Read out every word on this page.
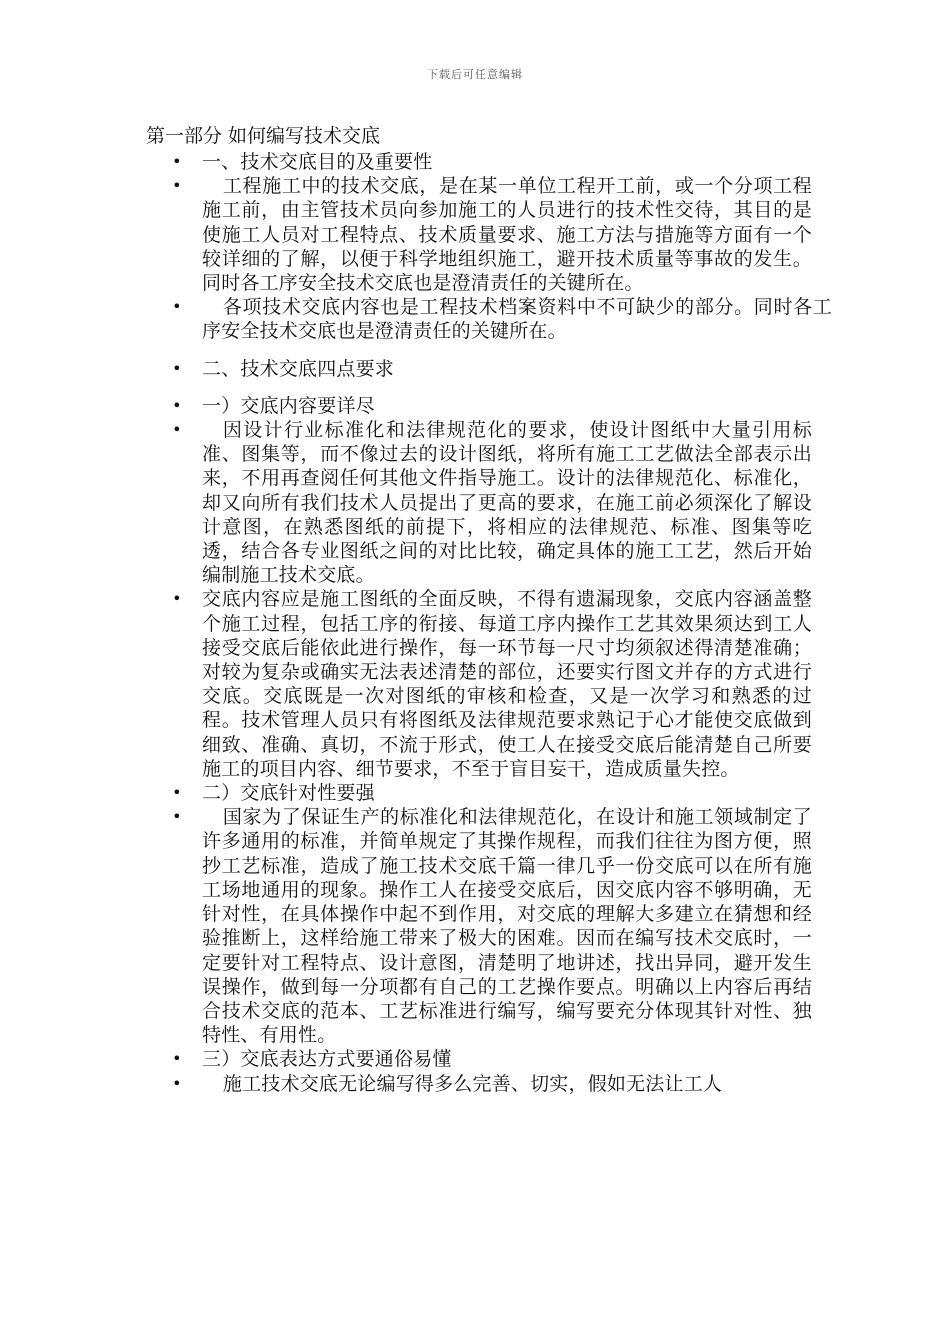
下载后可任意编辑
第一部分 如何编写技术交底
• 一、技术交底目的及重要性
•	工程施工中的技术交底，是在某一单位工程开工前，或一个分项工程施工前，由主管技术员向参加施工的人员进行的技术性交待，其目的是使施工人员对工程特点、技术质量要求、施工方法与措施等方面有一个较详细的了解，以便于科学地组织施工，避开技术质量等事故的发生。同时各工序安全技术交底也是澄清责任的关键所在。
•	各项技术交底内容也是工程技术档案资料中不可缺少的部分。同时各工序安全技术交底也是澄清责任的关键所在。
• 二、技术交底四点要求
• 一）交底内容要详尽
•	因设计行业标准化和法律规范化的要求，使设计图纸中大量引用标准、图集等，而不像过去的设计图纸，将所有施工工艺做法全部表示出来，不用再查阅任何其他文件指导施工。设计的法律规范化、标准化，却又向所有我们技术人员提出了更高的要求，在施工前必须深化了解设计意图，在熟悉图纸的前提下，将相应的法律规范、标准、图集等吃透，结合各专业图纸之间的对比比较，确定具体的施工工艺，然后开始编制施工技术交底。
• 交底内容应是施工图纸的全面反映，不得有遗漏现象，交底内容涵盖整个施工过程，包括工序的衔接、每道工序内操作工艺其效果须达到工人接受交底后能依此进行操作，每一环节每一尺寸均须叙述得清楚准确；对较为复杂或确实无法表述清楚的部位，还要实行图文并存的方式进行交底。交底既是一次对图纸的审核和检查，又是一次学习和熟悉的过程。技术管理人员只有将图纸及法律规范要求熟记于心才能使交底做到细致、准确、真切，不流于形式，使工人在接受交底后能清楚自己所要施工的项目内容、细节要求，不至于盲目妄干，造成质量失控。
• 二）交底针对性要强
•	国家为了保证生产的标准化和法律规范化，在设计和施工领域制定了许多通用的标准，并简单规定了其操作规程，而我们往往为图方便，照抄工艺标准，造成了施工技术交底千篇一律几乎一份交底可以在所有施工场地通用的现象。操作工人在接受交底后，因交底内容不够明确，无针对性，在具体操作中起不到作用，对交底的理解大多建立在猜想和经验推断上，这样给施工带来了极大的困难。因而在编写技术交底时，一定要针对工程特点、设计意图，清楚明了地讲述，找出异同，避开发生误操作，做到每一分项都有自己的工艺操作要点。明确以上内容后再结合技术交底的范本、工艺标准进行编写，编写要充分体现其针对性、独特性、有用性。
• 三）交底表达方式要通俗易懂
•	施工技术交底无论编写得多么完善、切实，假如无法让工人
